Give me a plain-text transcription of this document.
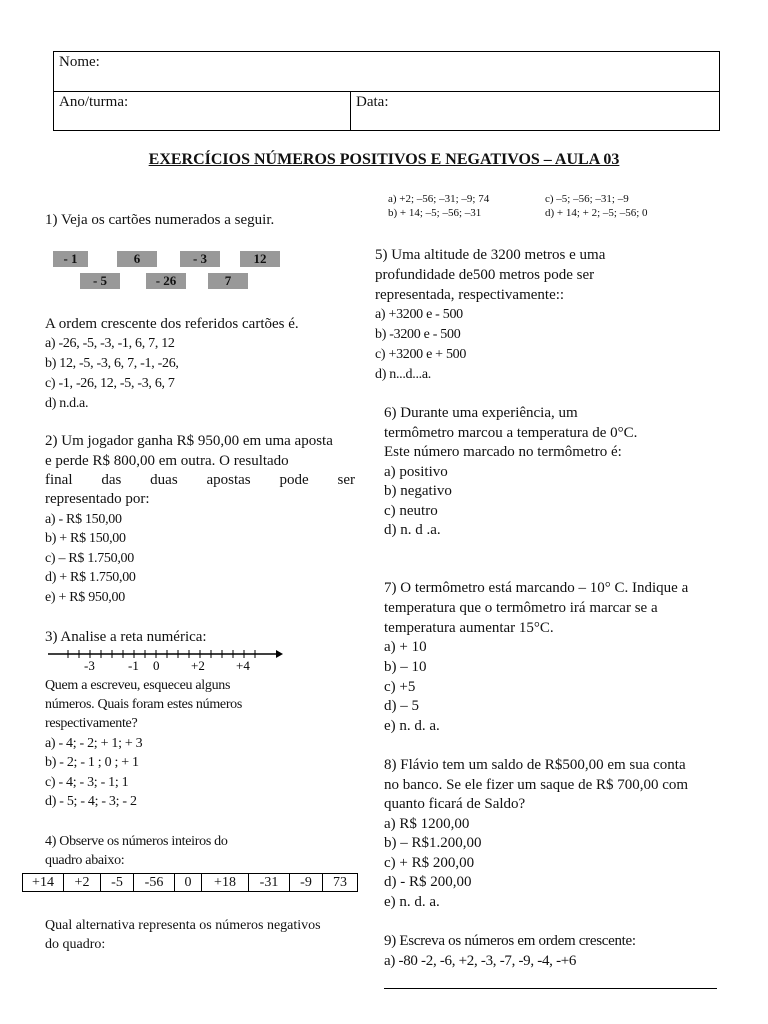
Nome:
Ano/turma:	Data:
EXERCÍCIOS NÚMEROS POSITIVOS E NEGATIVOS – AULA 03
1) Veja os cartões numerados a seguir.
- 1	6	- 3	12
- 5	- 26	7
A ordem crescente dos referidos cartões é.
a) -26, -5, -3, -1, 6, 7, 12
b) 12, -5, -3, 6, 7, -1, -26,
c) -1, -26, 12, -5, -3, 6, 7
d) n.d.a.
2) Um jogador ganha R$ 950,00 em uma aposta
e perde R$ 800,00 em outra. O resultado
final das duas apostas pode ser
representado por:
a) - R$ 150,00
b) + R$ 150,00
c) – R$ 1.750,00
d) + R$ 1.750,00
e) + R$ 950,00
3) Analise a reta numérica:
-3	-1 0 +2 +4
Quem a escreveu, esqueceu alguns
números. Quais foram estes números
respectivamente?
a) - 4; - 2; + 1; + 3
b) - 2; - 1 ; 0 ; + 1
c) - 4; - 3; - 1; 1
d) - 5; - 4; - 3; - 2
4) Observe os números inteiros do
quadro abaixo:
+14	+2	-5	-56	0	+18	-31	-9	73
Qual alternativa representa os números negativos
do quadro:
a) +2; –56; –31; –9; 74	c) –5; –56; –31; –9
b) + 14; –5; –56; –31	d) + 14; + 2; –5; –56; 0
5) Uma altitude de 3200 metros e uma
profundidade de500 metros pode ser
representada, respectivamente::
a) +3200 e - 500
b) -3200 e - 500
c) +3200 e + 500
d) n...d...a.
6) Durante uma experiência, um
termômetro marcou a temperatura de 0°C.
Este número marcado no termômetro é:
a) positivo
b) negativo
c) neutro
d) n. d .a.
7) O termômetro está marcando – 10° C. Indique a
temperatura que o termômetro irá marcar se a
temperatura aumentar 15°C.
a) + 10
b) – 10
c) +5
d) – 5
e) n. d. a.
8) Flávio tem um saldo de R$500,00 em sua conta
no banco. Se ele fizer um saque de R$ 700,00 com
quanto ficará de Saldo?
a) R$ 1200,00
b) – R$1.200,00
c) + R$ 200,00
d) - R$ 200,00
e) n. d. a.
9) Escreva os números em ordem crescente:
a) -80 -2, -6, +2, -3, -7, -9, -4, -+6
